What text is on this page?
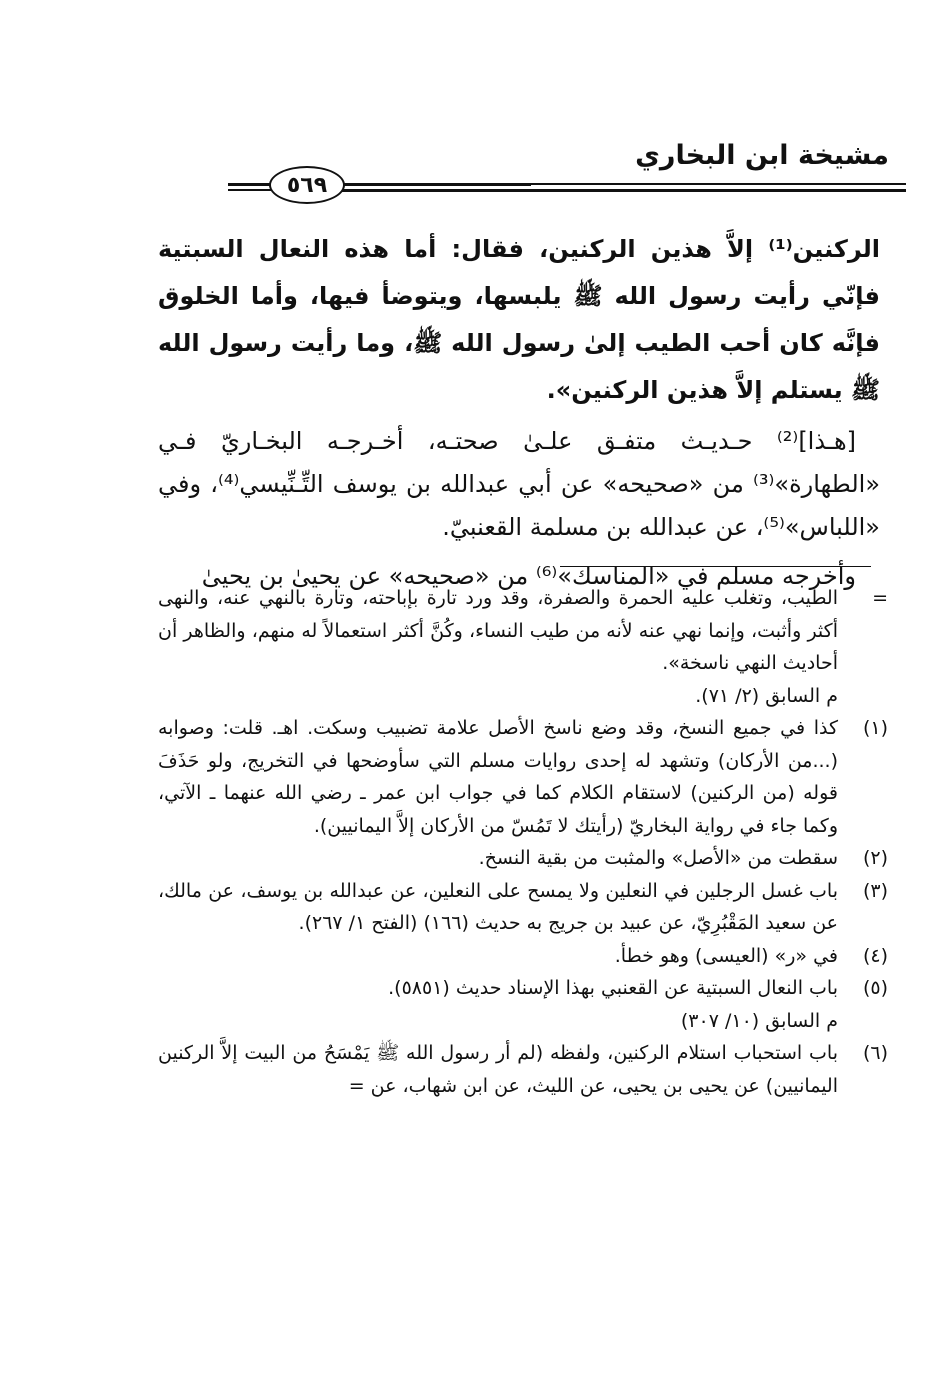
مشيخة ابن البخاري
٥٦٩

الركنين⁽¹⁾ إلاَّ هذين الركنين، فقال: أما هذه النعال السبتية فإنّي رأيت رسول الله ﷺ يلبسها، ويتوضأ فيها، وأما الخلوق فإنَّه كان أحب الطيب إلىٰ رسول الله ﷺ، وما رأيت رسول الله ﷺ يستلم إلاَّ هذين الركنين».

[هـذا]⁽²⁾ حـديـث متفـق علـىٰ صحتـه، أخـرجـه البخـاريّ فـي «الطهارة»⁽³⁾ من «صحيحه» عن أبي عبدالله بن يوسف التِّـنِّيسي⁽⁴⁾، وفي «اللباس»⁽⁵⁾، عن عبدالله بن مسلمة القعنبيّ.

وأخرجه مسلم في «المناسك»⁽⁶⁾ من «صحيحه» عن يحيىٰ بن يحيىٰ

=

الطيب، وتغلب عليه الحمرة والصفرة، وقد ورد تارة بإباحته، وتارة بالنهي عنه، والنهى أكثر وأثبت، وإنما نهي عنه لأنه من طيب النساء، وكُنَّ أكثر استعمالاً له منهم، والظاهر أن أحاديث النهي ناسخة».

م السابق (٢/ ٧١).

(١)

كذا في جميع النسخ، وقد وضع ناسخ الأصل علامة تضبيب وسكت. اهـ. قلت: وصوابه (...من الأركان) وتشهد له إحدى روايات مسلم التي سأوضحها في التخريج، ولو حَذَفَ قوله (من الركنين) لاستقام الكلام كما في جواب ابن عمر ـ رضي الله عنهما ـ الآتي، وكما جاء في رواية البخاريّ (رأيتك لا تَمُسّ من الأركان إلاَّ اليمانيين).

(٢)

سقطت من «الأصل» والمثبت من بقية النسخ.

(٣)

باب غسل الرجلين في النعلين ولا يمسح على النعلين، عن عبدالله بن يوسف، عن مالك، عن سعيد المَقْبُرِيّ، عن عبيد بن جريج به حديث (١٦٦) (الفتح ١/ ٢٦٧).

(٤)

في «ر» (العيسى) وهو خطأ.

(٥)

باب النعال السبتية عن القعنبي بهذا الإسناد حديث (٥٨٥١).

م السابق (١٠/ ٣٠٧)

(٦)

باب استحباب استلام الركنين، ولفظه (لم أر رسول الله ﷺ يَمْسَحُ من البيت إلاَّ الركنين اليمانيين) عن يحيى بن يحيى، عن الليث، عن ابن شهاب، عن =
